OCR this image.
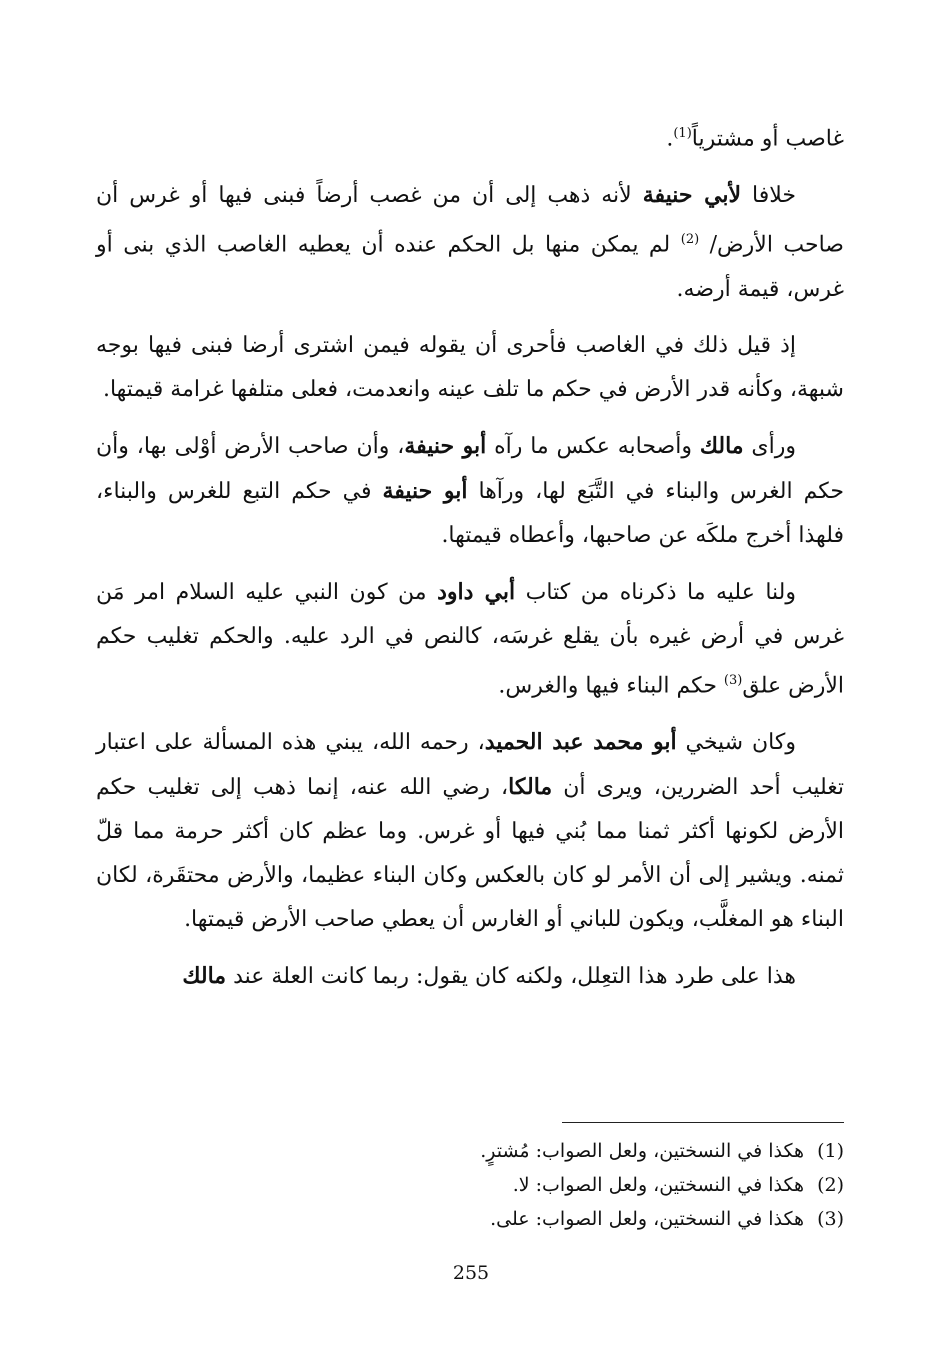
غاصب أو مشترياً$^{(1)}$.

خلافا لأبي حنيفة لأنه ذهب إلى أن من غصب أرضاً فبنى فيها أو غرس أن صاحب الأرض/ $^{(2)}$ لم يمكن منها بل الحكم عنده أن يعطيه الغاصب الذي بنى أو غرس، قيمة أرضه.

إذ قيل ذلك في الغاصب فأحرى أن يقوله فيمن اشترى أرضا فبنى فيها بوجه شبهة، وكأنه قدر الأرض في حكم ما تلف عينه وانعدمت، فعلى متلفها غرامة قيمتها.

ورأى مالك وأصحابه عكس ما رآه أبو حنيفة، وأن صاحب الأرض أوْلى بها، وأن حكم الغرس والبناء في التَّبَع لها، ورآها أبو حنيفة في حكم التبع للغرس والبناء، فلهذا أخرج ملكَه عن صاحبها، وأعطاه قيمتها.

ولنا عليه ما ذكرناه من كتاب أبي داود من كون النبي عليه السلام امر مَن غرس في أرض غيره بأن يقلع غرسَه، كالنص في الرد عليه. والحكم تغليب حكم الأرض علق$^{(3)}$ حكم البناء فيها والغرس.

وكان شيخي أبو محمد عبد الحميد، رحمه الله، يبني هذه المسألة على اعتبار تغليب أحد الضررين، ويرى أن مالكا، رضي الله عنه، إنما ذهب إلى تغليب حكم الأرض لكونها أكثر ثمنا مما بُني فيها أو غرس. وما عظم كان أكثر حرمة مما قلّ ثمنه. ويشير إلى أن الأمر لو كان بالعكس وكان البناء عظيما، والأرض محتقَرة، لكان البناء هو المغلَّب، ويكون للباني أو الغارس أن يعطي صاحب الأرض قيمتها.

هذا على طرد هذا التعِلل، ولكنه كان يقول: ربما كانت العلة عند مالك

(1)هكذا في النسختين، ولعل الصواب: مُشترٍ.

(2)هكذا في النسختين، ولعل الصواب: لا.

(3)هكذا في النسختين، ولعل الصواب: على.

255
